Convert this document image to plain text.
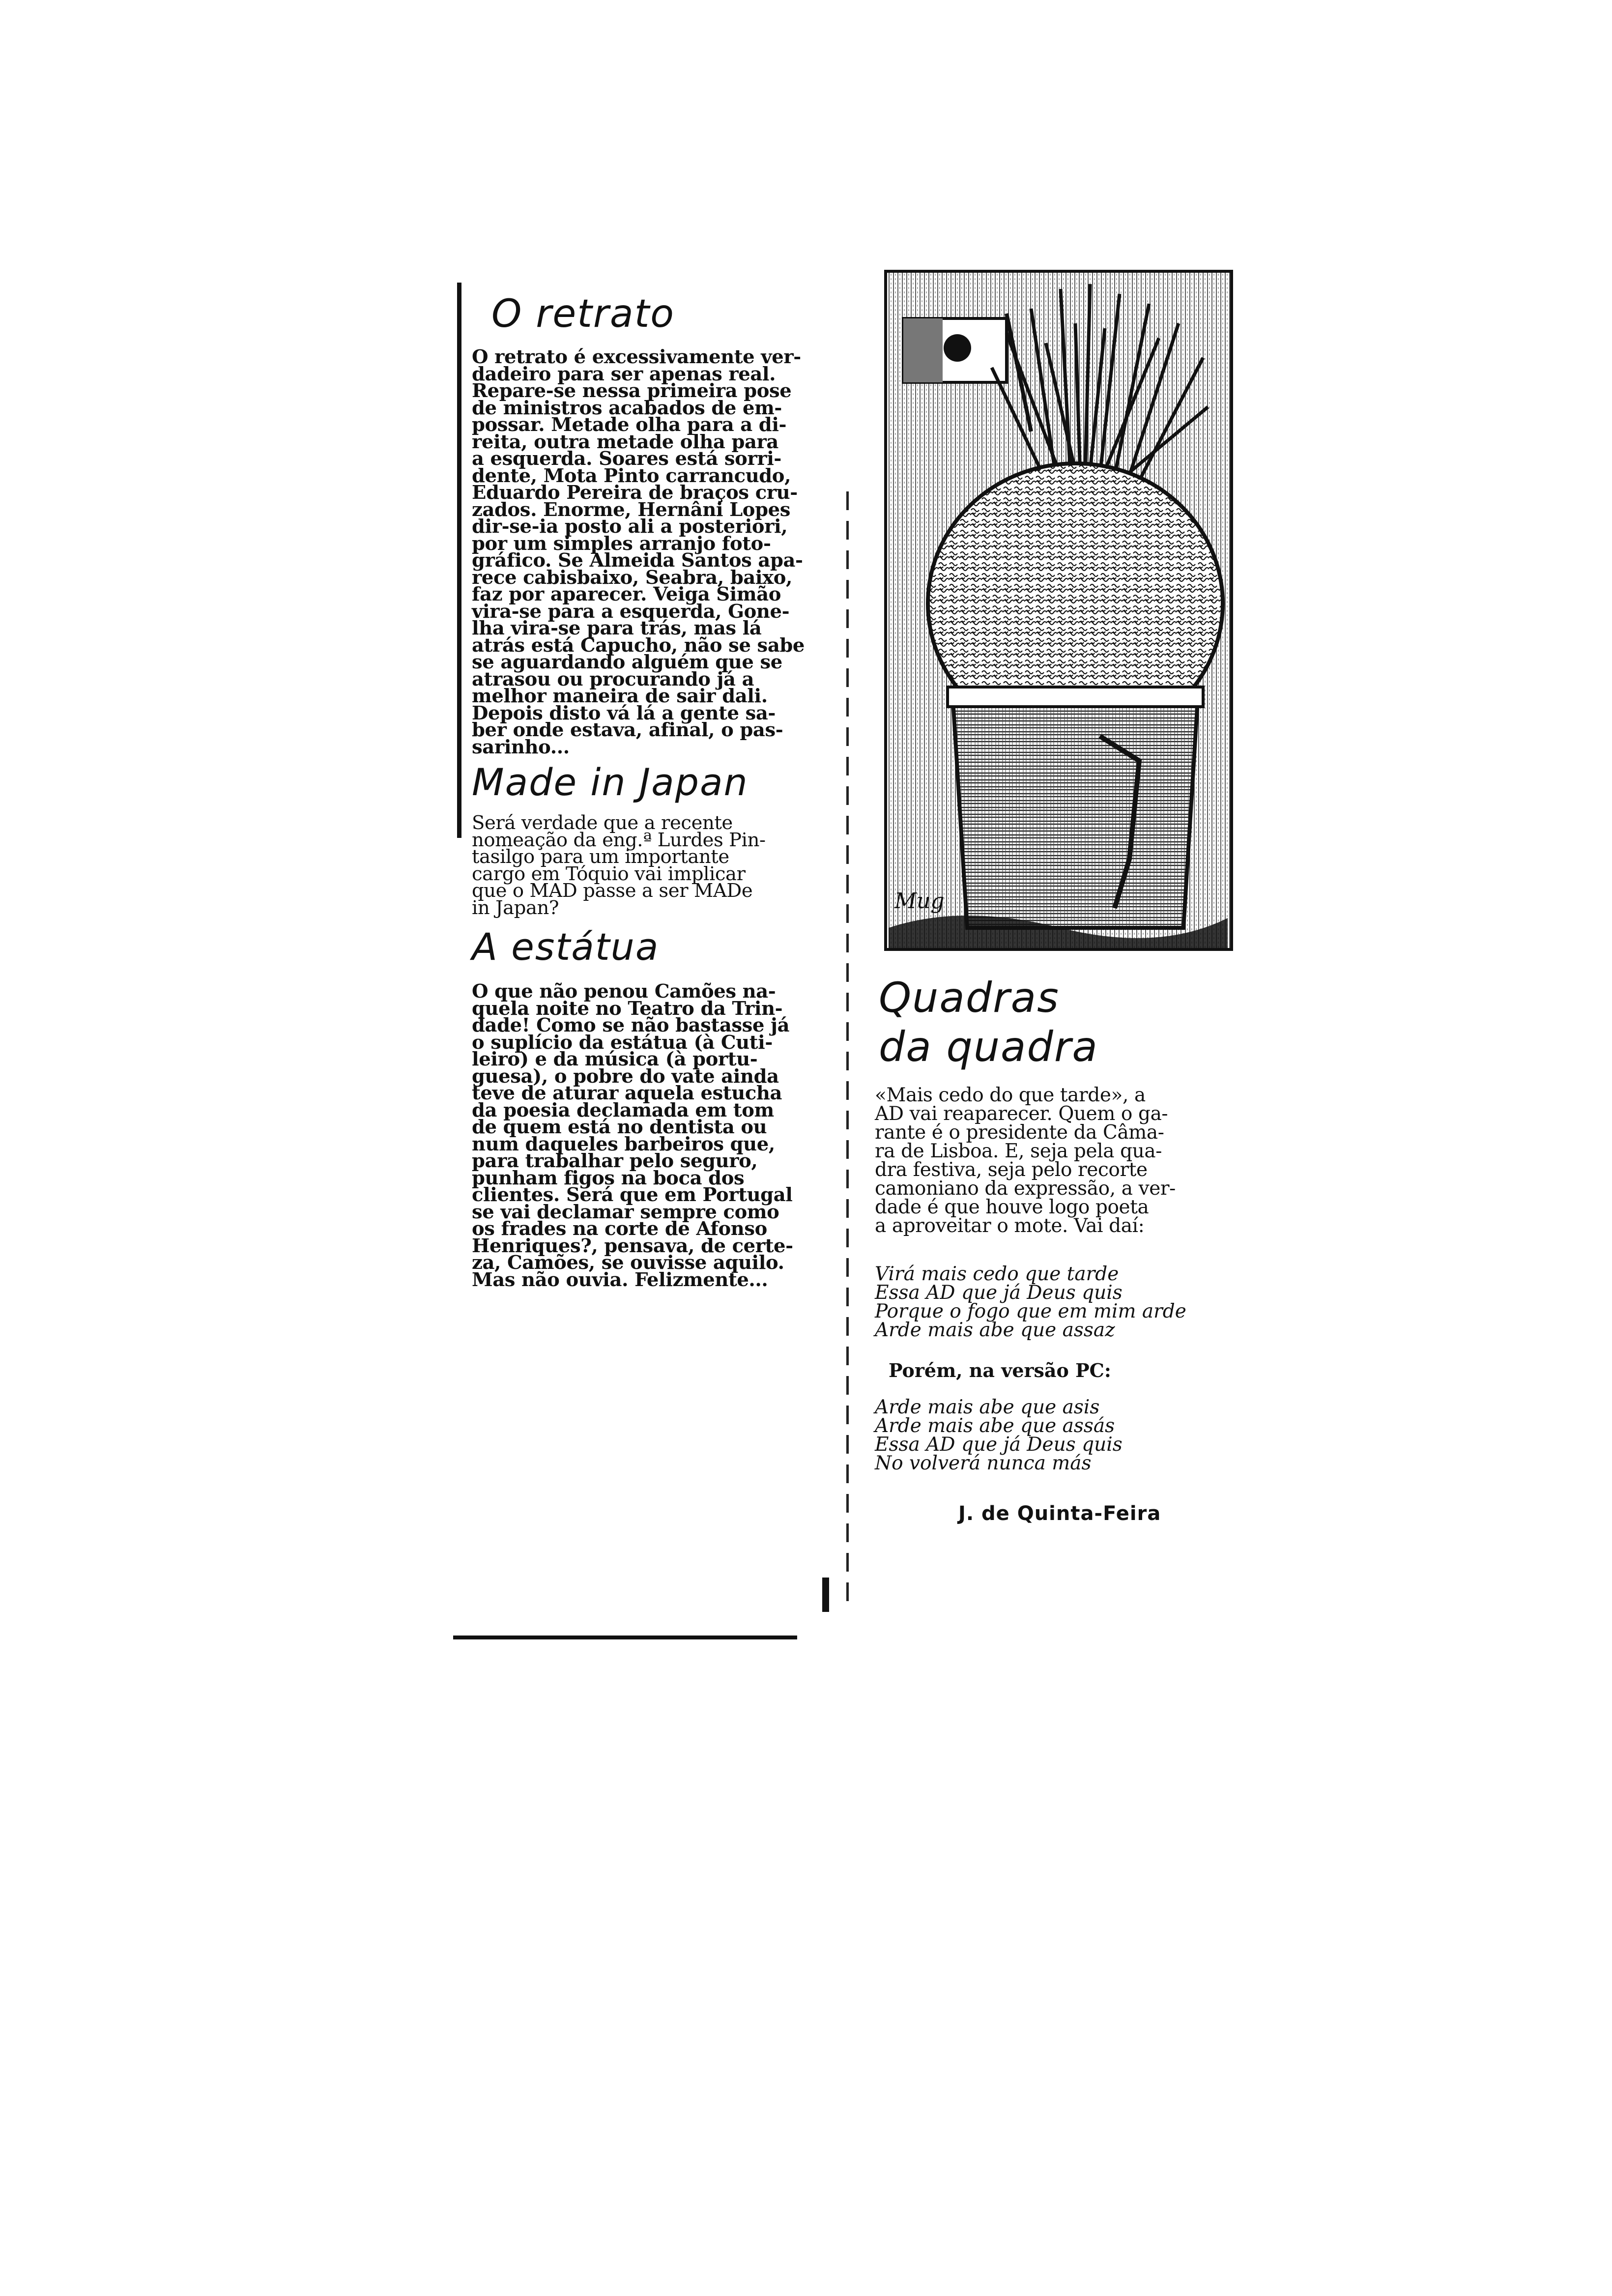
O retrato
O retrato é excessivamente ver-
dadeiro para ser apenas real.
Repare-se nessa primeira pose
de ministros acabados de em-
possar. Metade olha para a di-
reita, outra metade olha para
a esquerda. Soares está sorri-
dente, Mota Pinto carrancudo,
Eduardo Pereira de braços cru-
zados. Enorme, Hernâni Lopes
dir-se-ia posto ali a posteriori,
por um simples arranjo foto-
gráfico. Se Almeida Santos apa-
rece cabisbaixo, Seabra, baixo,
faz por aparecer. Veiga Simão
vira-se para a esquerda, Gone-
lha vira-se para trás, mas lá
atrás está Capucho, não se sabe
se aguardando alguém que se
atrasou ou procurando já a
melhor maneira de sair dali.
Depois disto vá lá a gente sa-
ber onde estava, afinal, o pas-
sarinho...
Made in Japan
Será verdade que a recente
nomeação da eng.ª Lurdes Pin-
tasilgo para um importante
cargo em Tóquio vai implicar
que o MAD passe a ser MADe
in Japan?
A estátua
O que não penou Camões na-
quela noite no Teatro da Trin-
dade! Como se não bastasse já
o suplício da estátua (à Cuti-
leiro) e da música (à portu-
guesa), o pobre do vate ainda
teve de aturar aquela estucha
da poesia declamada em tom
de quem está no dentista ou
num daqueles barbeiros que,
para trabalhar pelo seguro,
punham figos na boca dos
clientes. Será que em Portugal
se vai declamar sempre como
os frades na corte de Afonso
Henriques?, pensava, de certe-
za, Camões, se ouvisse aquilo.
Mas não ouvia. Felizmente...
Mug
Quadras
da quadra
«Mais cedo do que tarde», a
AD vai reaparecer. Quem o ga-
rante é o presidente da Câma-
ra de Lisboa. E, seja pela qua-
dra festiva, seja pelo recorte
camoniano da expressão, a ver-
dade é que houve logo poeta
a aproveitar o mote. Vai daí:
Virá mais cedo que tarde
Essa AD que já Deus quis
Porque o fogo que em mim arde
Arde mais abe que assaz
Porém, na versão PC:
Arde mais abe que asis
Arde mais abe que assás
Essa AD que já Deus quis
No volverá nunca más
J. de Quinta-Feira
